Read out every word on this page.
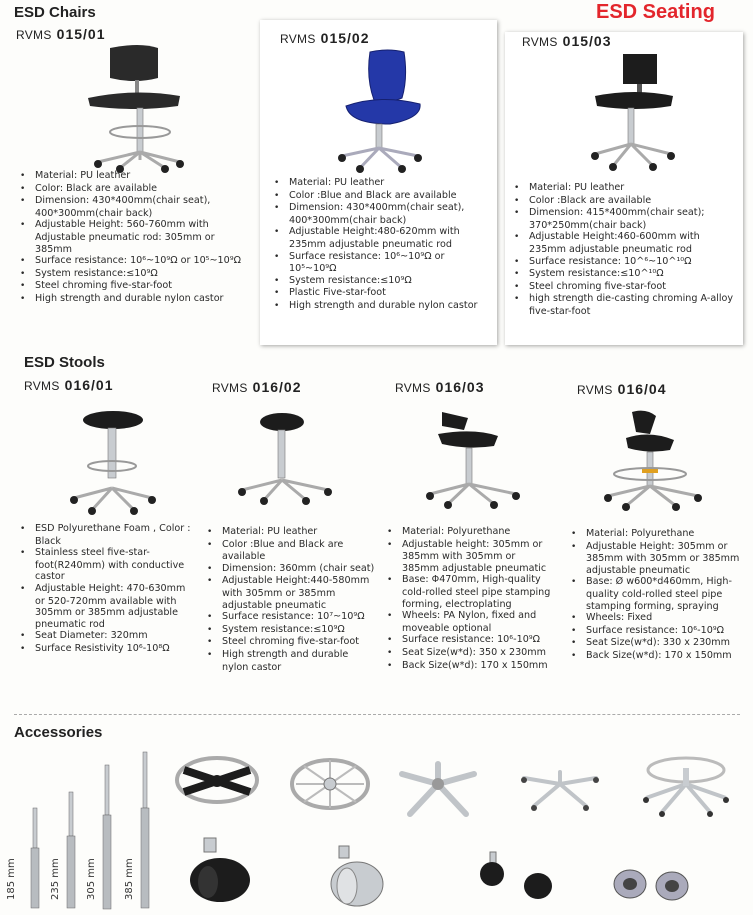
ESD Chairs	ESD Seating
RVMS 015/01
• Material: PU leather
• Color: Black are available
• Dimension: 430*400mm(chair seat), 400*300mm(chair back)
• Adjustable Height: 560-760mm with Adjustable pneumatic rod: 305mm or 385mm
• Surface resistance: 10⁶~10⁹Ω or 10⁵~10⁹Ω
• System resistance:≤10⁹Ω
• Steel chroming five-star-foot
• High strength and durable nylon castor
RVMS 015/02
• Material: PU leather
• Color :Blue and Black are available
• Dimension: 430*400mm(chair seat), 400*300mm(chair back)
• Adjustable Height:480-620mm with 235mm adjustable pneumatic rod
• Surface resistance: 10⁶~10⁹Ω or 10⁵~10⁹Ω
• System resistance:≤10⁹Ω
• Plastic Five-star-foot
• High strength and durable nylon castor
RVMS 015/03
• Material: PU leather
• Color :Black are available
• Dimension: 415*400mm(chair seat); 370*250mm(chair back)
• Adjustable Height:460-600mm with 235mm adjustable pneumatic rod
• Surface resistance: 10^⁶~10^¹⁰Ω
• System resistance:≤10^¹⁰Ω
• Steel chroming five-star-foot
• high strength die-casting chroming A-alloy five-star-foot
ESD Stools
RVMS 016/01
• ESD Polyurethane Foam , Color : Black
• Stainless steel five-star-foot(R240mm) with conductive castor
• Adjustable Height: 470-630mm or 520-720mm available with 305mm or 385mm adjustable pneumatic rod
• Seat Diameter: 320mm
• Surface Resistivity 10⁶-10⁸Ω
RVMS 016/02
• Material: PU leather
• Color :Blue and Black are available
• Dimension: 360mm (chair seat)
• Adjustable Height:440-580mm with 305mm or 385mm adjustable pneumatic
• Surface resistance: 10⁷~10⁹Ω
• System resistance:≤10⁹Ω
• Steel chroming five-star-foot
• High strength and durable nylon castor
RVMS 016/03
• Material: Polyurethane
• Adjustable height: 305mm or 385mm with 305mm or 385mm adjustable pneumatic
• Base: Φ470mm, High-quality cold-rolled steel pipe stamping forming, electroplating
• Wheels: PA Nylon, fixed and moveable optional
• Surface resistance: 10⁶-10⁹Ω
• Seat Size(w*d): 350 x 230mm
• Back Size(w*d): 170 x 150mm
RVMS 016/04
• Material: Polyurethane
• Adjustable Height: 305mm or 385mm with 305mm or 385mm adjustable pneumatic
• Base: Ø w600*d460mm, High-quality cold-rolled steel pipe stamping forming, spraying
• Wheels: Fixed
• Surface resistance: 10⁶-10⁹Ω
• Seat Size(w*d): 330 x 230mm
• Back Size(w*d): 170 x 150mm
Accessories
185 mm	235 mm	305 mm	385 mm
